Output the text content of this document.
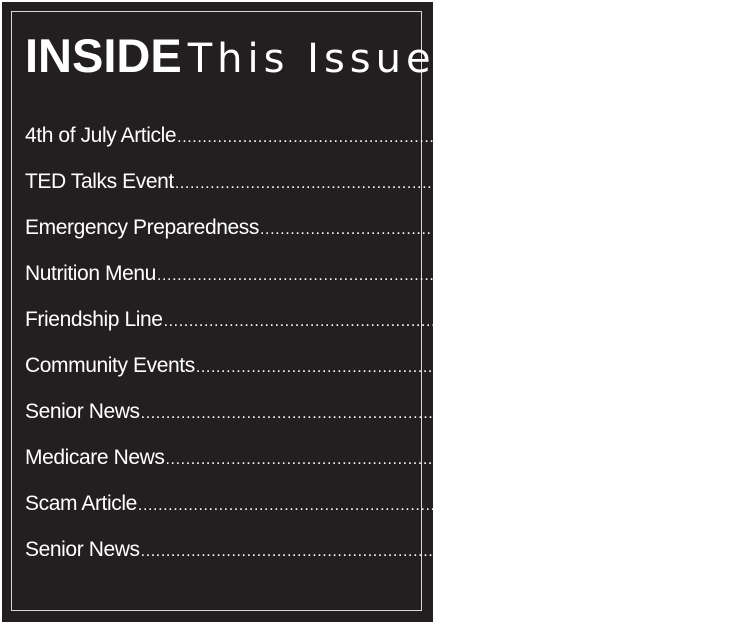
INSIDE This Issue
4th of July Article .................................................................................... Page 2
TED Talks Event .................................................................................... Page 3
Emergency Preparedness .................................................................................... Page 4
Nutrition Menu .................................................................................... Page 5
Friendship Line .................................................................................... Page 6
Community Events .................................................................................... Page 7
Senior News .................................................................................... Page 8
Medicare News .................................................................................... Page 9
Scam Article .................................................................................... Page 10
Senior News .................................................................................... Page 11
